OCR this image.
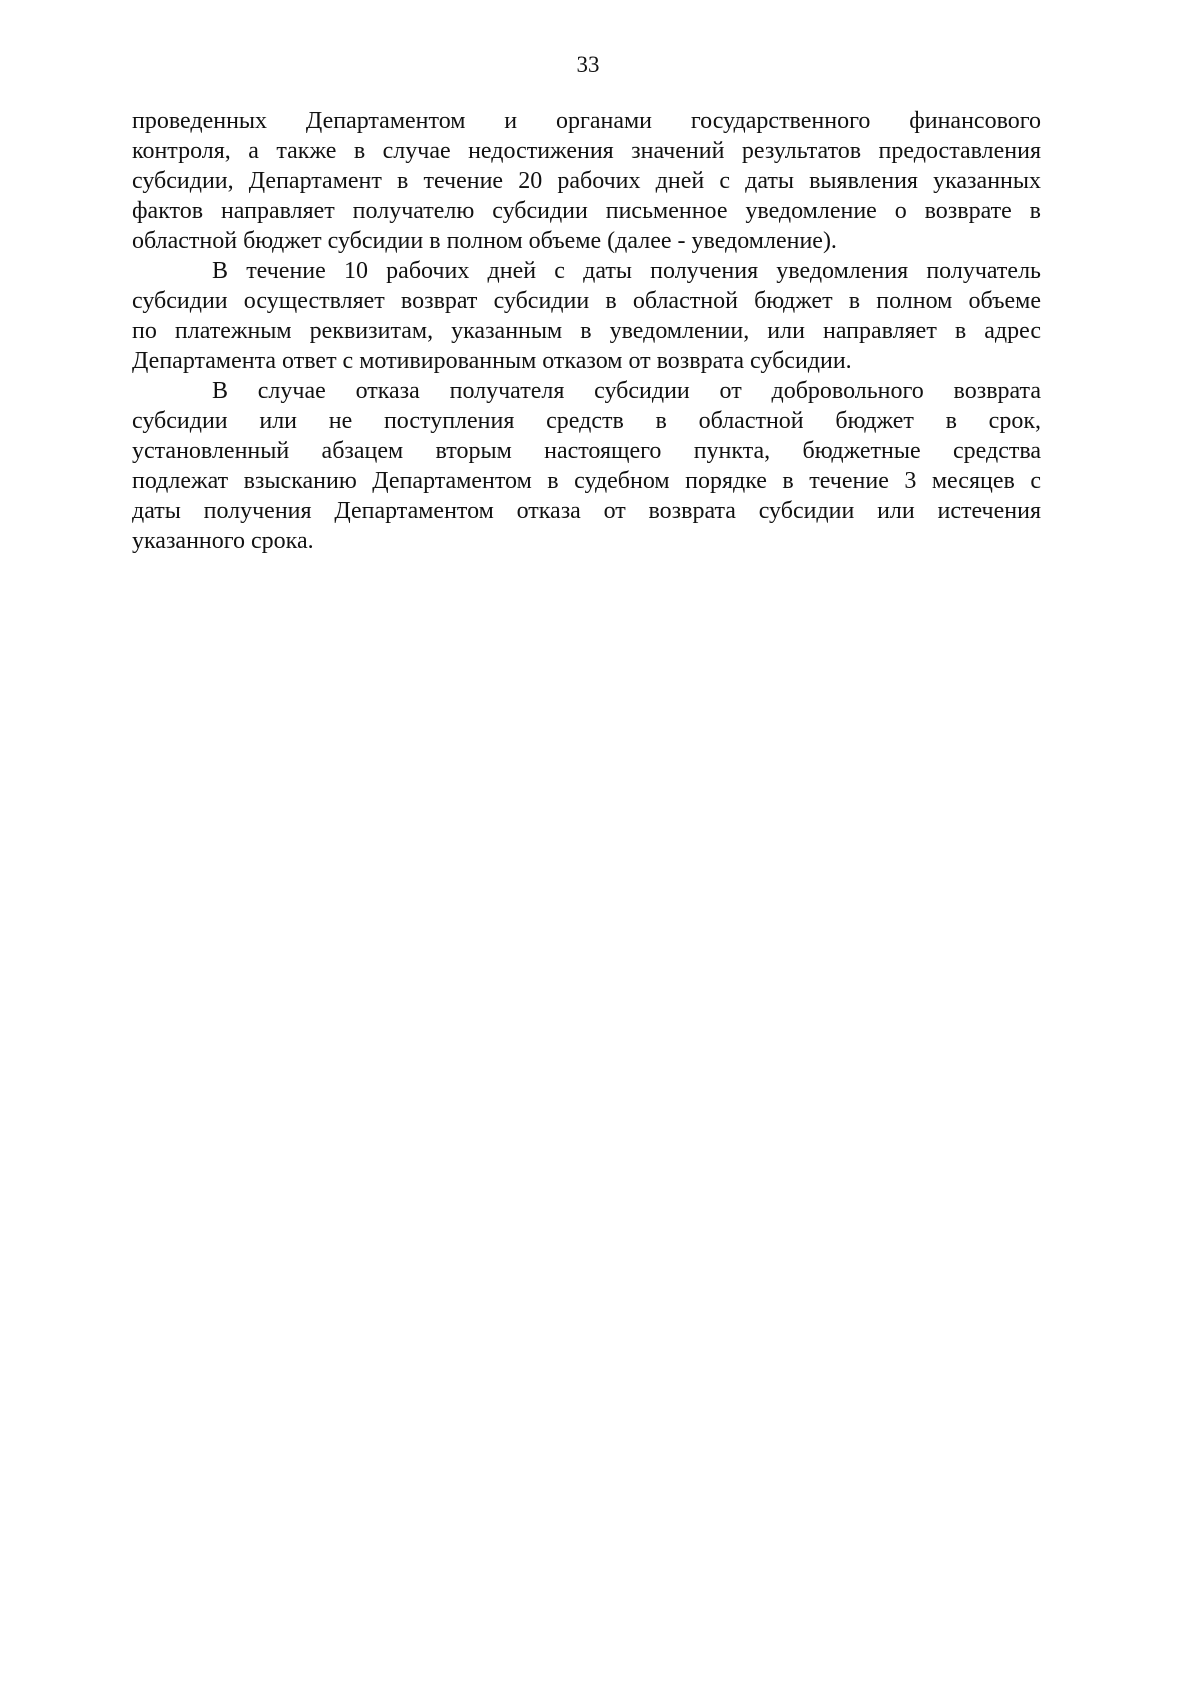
33
проведенных Департаментом и органами государственного финансового
контроля, а также в случае недостижения значений результатов предоставления
субсидии, Департамент в течение 20 рабочих дней с даты выявления указанных
фактов направляет получателю субсидии письменное уведомление о возврате в
областной бюджет субсидии в полном объеме (далее - уведомление).
В течение 10 рабочих дней с даты получения уведомления получатель
субсидии осуществляет возврат субсидии в областной бюджет в полном объеме
по платежным реквизитам, указанным в уведомлении, или направляет в адрес
Департамента ответ с мотивированным отказом от возврата субсидии.
В случае отказа получателя субсидии от добровольного возврата
субсидии или не поступления средств в областной бюджет в срок,
установленный абзацем вторым настоящего пункта, бюджетные средства
подлежат взысканию Департаментом в судебном порядке в течение 3 месяцев с
даты получения Департаментом отказа от возврата субсидии или истечения
указанного срока.
